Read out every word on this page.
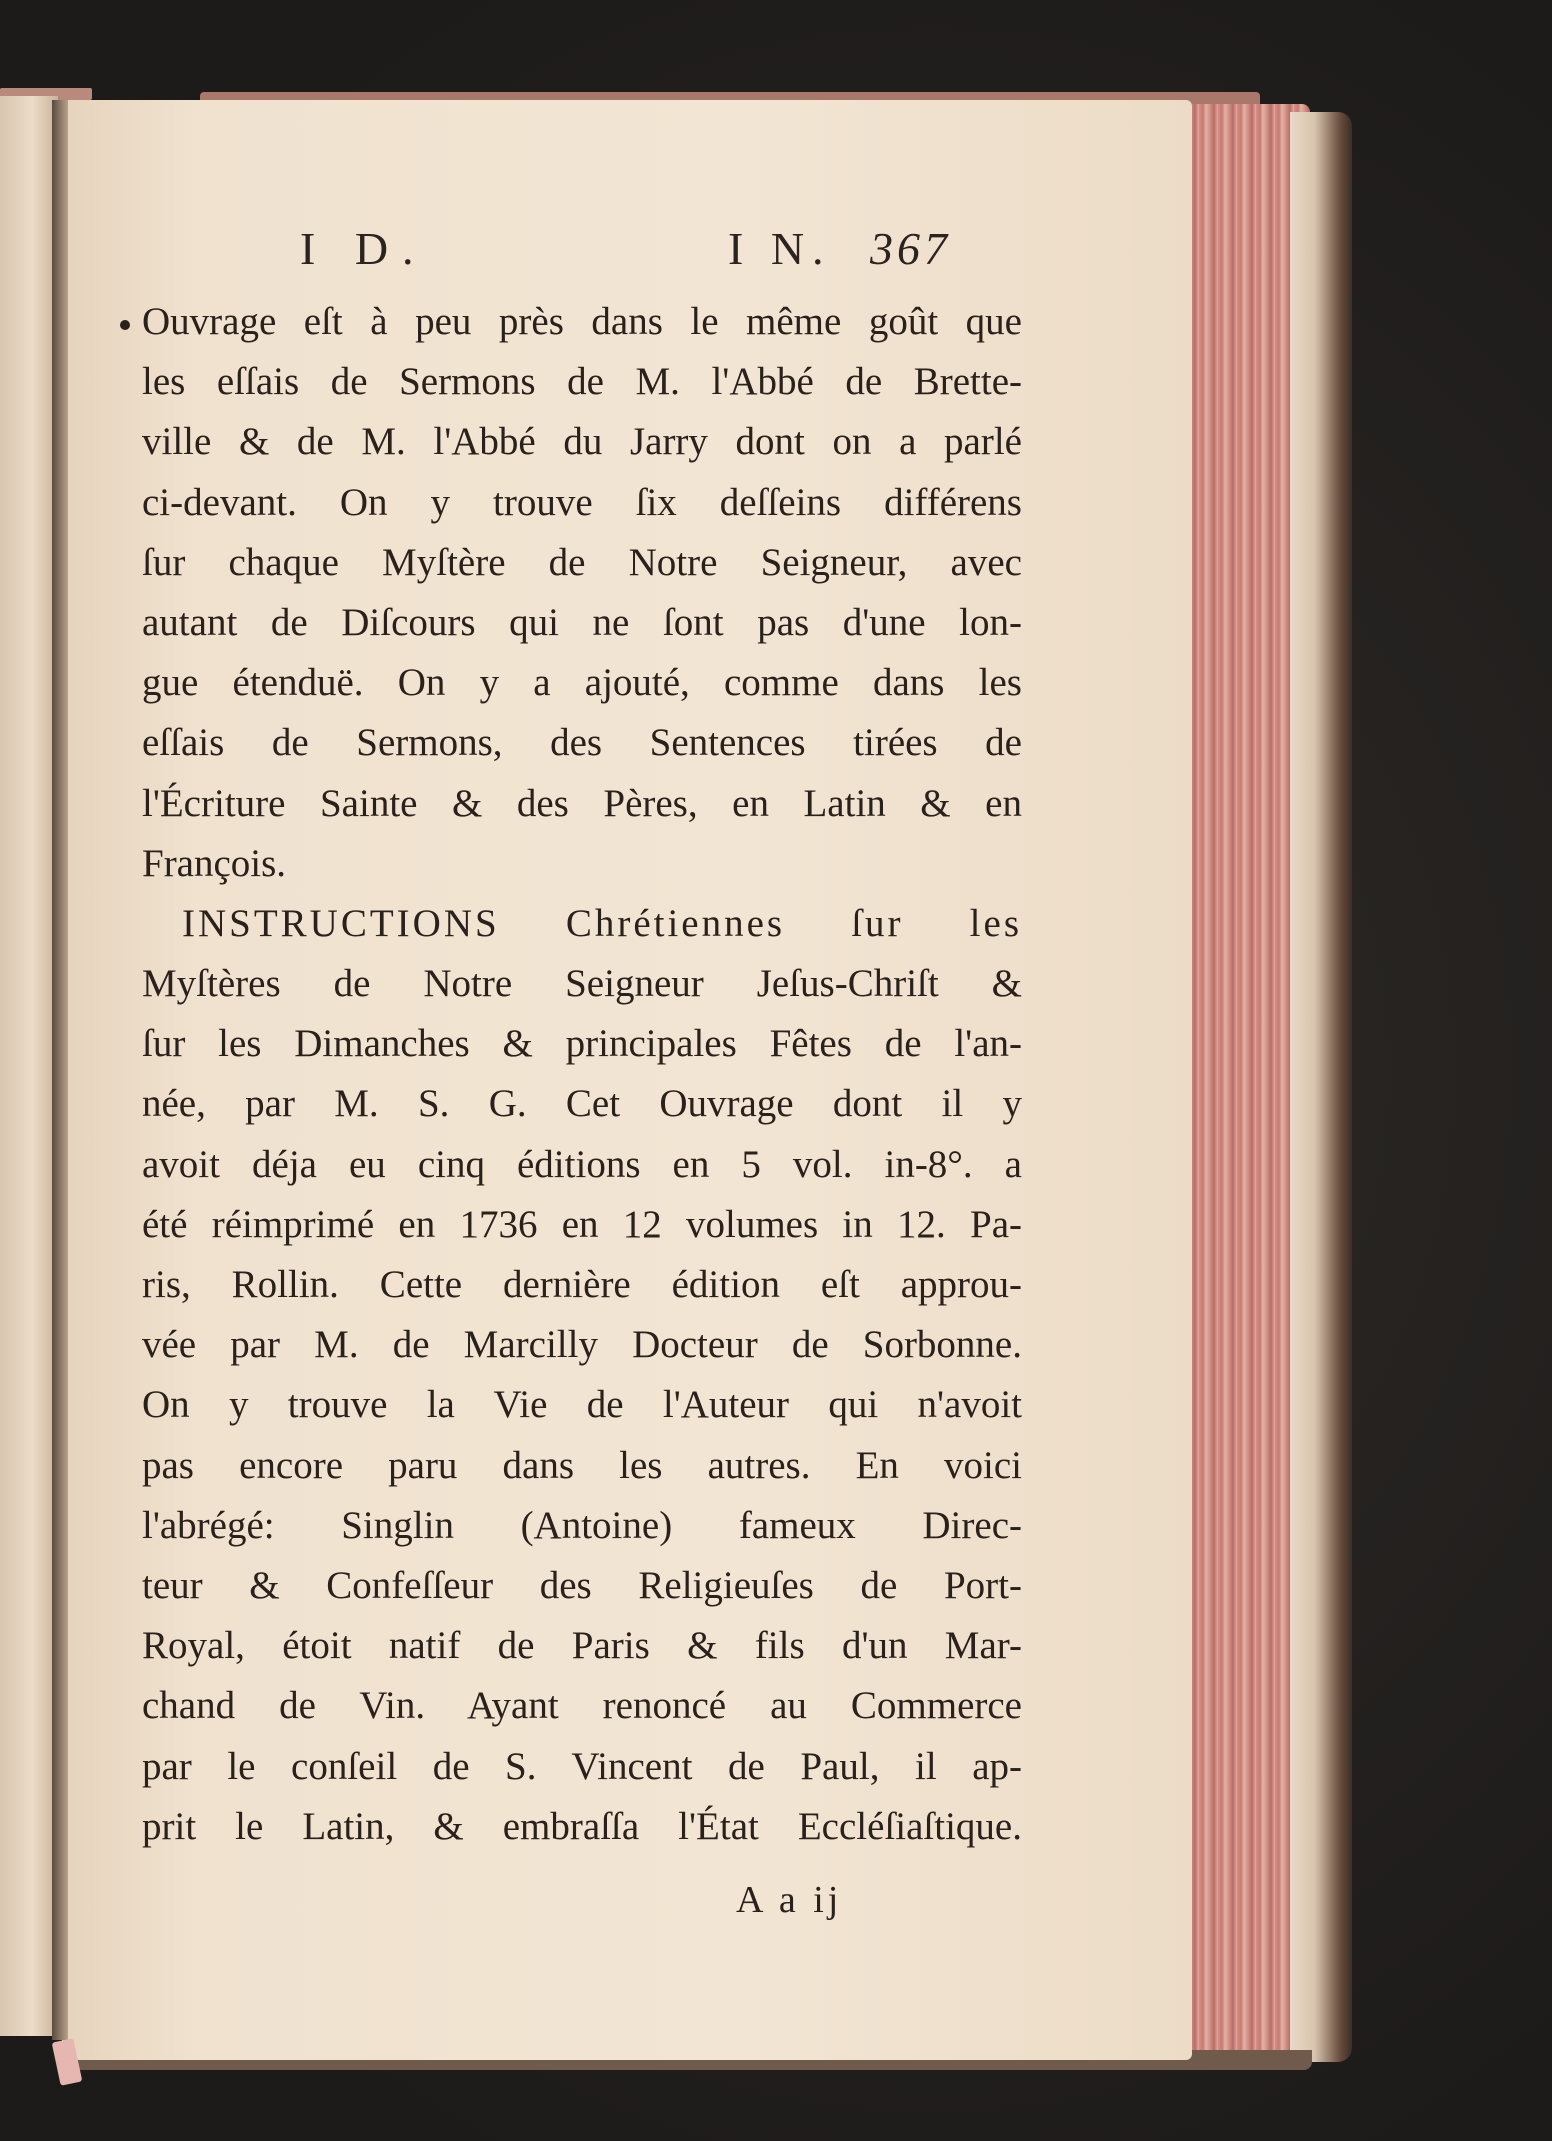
I D.	I N. 367
Ouvrage eſt à peu près dans le même goût que
les eſſais de Sermons de M. l'Abbé de Brette-
ville & de M. l'Abbé du Jarry dont on a parlé
ci-devant. On y trouve ſix deſſeins différens
ſur chaque Myſtère de Notre Seigneur, avec
autant de Diſcours qui ne ſont pas d'une lon-
gue étenduë. On y a ajouté, comme dans les
eſſais de Sermons, des Sentences tirées de
l'Écriture Sainte & des Pères, en Latin & en
François.
INSTRUCTIONS Chrétiennes ſur les
Myſtères de Notre Seigneur Jeſus-Chriſt &
ſur les Dimanches & principales Fêtes de l'an-
née, par M. S. G. Cet Ouvrage dont il y
avoit déja eu cinq éditions en 5 vol. in-8°. a
été réimprimé en 1736 en 12 volumes in 12. Pa-
ris, Rollin. Cette dernière édition eſt approu-
vée par M. de Marcilly Docteur de Sorbonne.
On y trouve la Vie de l'Auteur qui n'avoit
pas encore paru dans les autres. En voici
l'abrégé: Singlin (Antoine) fameux Direc-
teur & Confeſſeur des Religieuſes de Port-
Royal, étoit natif de Paris & fils d'un Mar-
chand de Vin. Ayant renoncé au Commerce
par le conſeil de S. Vincent de Paul, il ap-
prit le Latin, & embraſſa l'État Eccléſiaſtique.
A a ij
